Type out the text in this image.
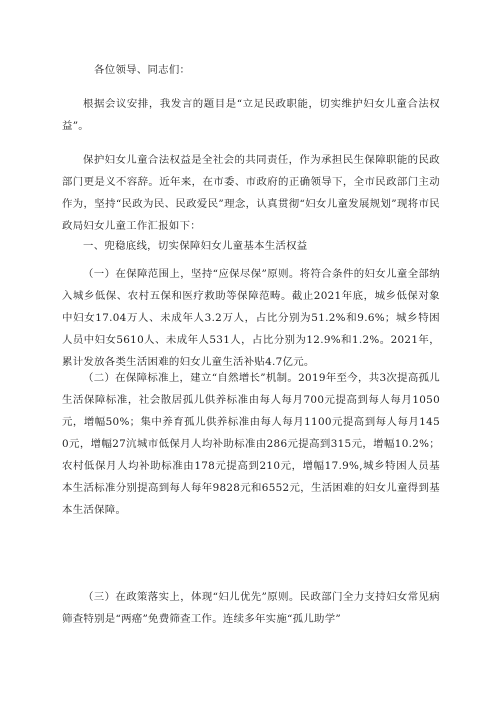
各位领导、同志们：

根据会议安排，我发言的题目是“立足民政职能，切实维护妇女儿童合法权益”。

保护妇女儿童合法权益是全社会的共同责任，作为承担民生保障职能的民政部门更是义不容辞。近年来，在市委、市政府的正确领导下，全市民政部门主动作为，坚持“民政为民、民政爱民”理念，认真贯彻“妇女儿童发展规划”现将市民政局妇女儿童工作汇报如下：

一、兜稳底线，切实保障妇女儿童基本生活权益

（一）在保障范围上，坚持“应保尽保”原则。将符合条件的妇女儿童全部纳入城乡低保、农村五保和医疗救助等保障范畴。截止2021年底，城乡低保对象中妇女17.04万人、未成年人3.2万人，占比分别为51.2%和9.6%；城乡特困人员中妇女5610人、未成年人531人，占比分别为12.9%和1.2%。2021年，累计发放各类生活困难的妇女儿童生活补贴4.7亿元。

（二）在保障标准上，建立“自然增长”机制。2019年至今，共3次提高孤儿生活保障标准，社会散居孤儿供养标准由每人每月700元提高到每人每月1050元，增幅50%；集中养育孤儿供养标准由每人每月1100元提高到每人每月1450元，增幅27沆城市低保月人均补助标准由286元提高到315元，增幅10.2%；农村低保月人均补助标准由178元提高到210元，增幅17.9%,城乡特困人员基本生活标准分别提高到每人每年9828元和6552元，生活困难的妇女儿童得到基本生活保障。

（三）在政策落实上，体现“妇儿优先”原则。民政部门全力支持妇女常见病筛查特别是“两癌”免费筛查工作。连续多年实施“孤儿助学”
